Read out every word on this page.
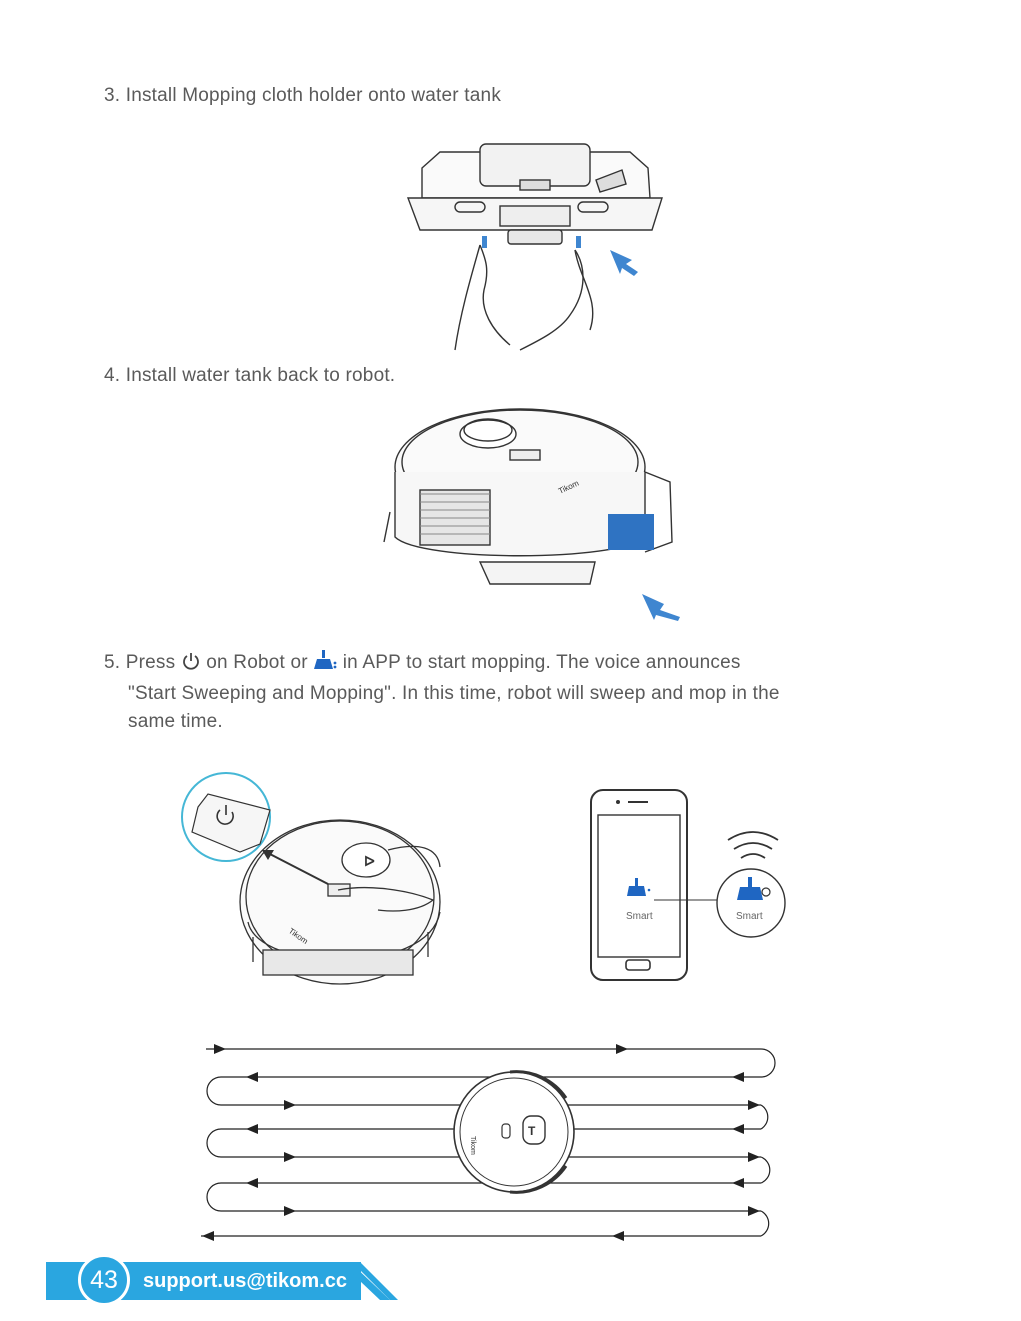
3. Install Mopping cloth holder onto water tank

4. Install water tank back to robot.

Tikom
5. Press on Robot or in APP to start mopping. The voice announces
"Start Sweeping and Mopping". In this time, robot will sweep and mop in the
same time.
ᐅ
Tikom
Smart	Smart
T
Tikom
43	support.us@tikom.cc
